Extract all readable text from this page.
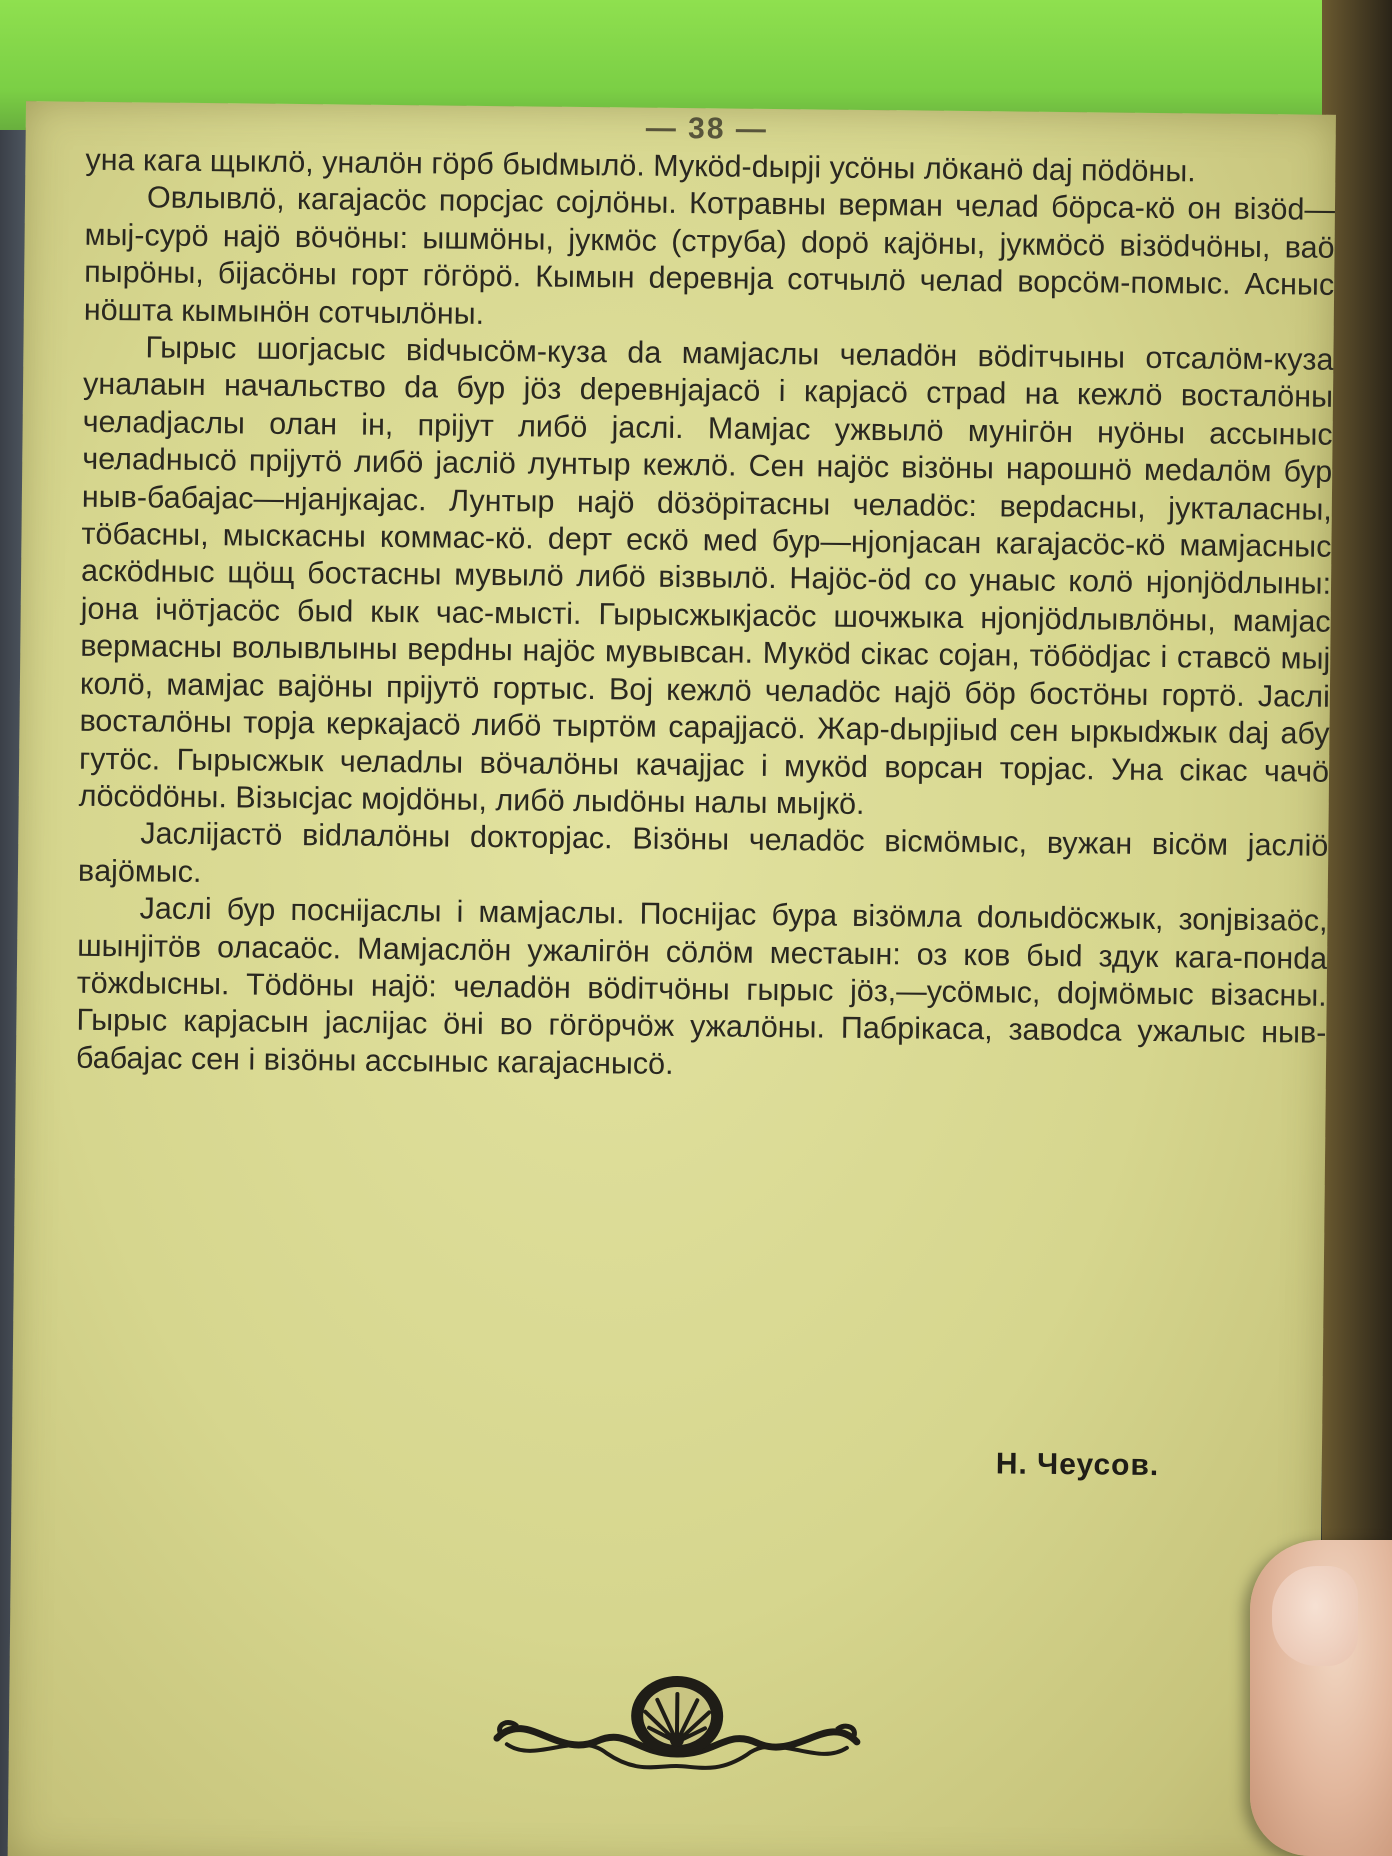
— 38 —

уна кага щыклö, уналöн гöрб быdмылö. Мукöd-dырji усöны лöканö daj пödöны.

Овлывлö, кагаjасöс порсjас сojлöны. Котравны верман челаd бöрса-кö он вiзöd—мыj-сурö наjö вöчöны: ышмöны, jукмöс (струба) dорö каjöны, jукмöсö вiзödчöны, ваö пырöны, бijасöны горт гöгöрö. Кымын dеревнjа сотчылö челаd ворсöм-помыс. Асныс нöшта кымынöн сотчылöны.

Гырыс шогjасыс вidчысöм-кузa da мамjаслы челаdöн вödiтчыны отсалöм-кузa уналаын начальство da бур jöз dеревнjаjасö i карjасö страd на кежлö восталöны челаdjаслы олан iн, прijут либö jаслi. Мамjас ужвылö мунiгöн нуöны асcыныс челаdнысö прijутö либö jаслiö лунтыр кежлö. Сен наjöс вiзöны нарошнö меdалöм бур ныв-бабаjас—нjанjкаjас. Лунтыр наjö döзöрiтасны челаdöс: верdасны, jукталасны, тöбасны, мыскасны коммас-кö. dерт ескö меd бур—нjоnjасан кагаjасöс-кö мамjасныс аскödныс щöщ бостасны мувылö либö вiзвылö. Наjöс-öd со унаыс колö нjоnjödлыны: jона iчöтjасöс быd кык час-мыстi. Гырысжыкjасöс шочжыка нjоnjödлывлöны, мамjас вермасны волывлыны верdны наjöс мувывсан. Мукöd сiкас сojан, тöбödjас i ставсö мыj колö, мамjас вajöны прijутö гортыс. Вoj кежлö челаdöс наjö бöр бостöны гортö. Jаслi восталöны торjа керкаjасö либö тыртöм сарajjасö. Жар-dырjiыd сен ыркыdжык daj абу гутöс. Гырысжык челаdлы вöчалöны качajjас i мукöd ворсан торjас. Уна сiкас чачö лöсödöны. Вiзысjас мojdöны, либö лыdöны налы мыjкö.

Jаслijастö вidлалöны dокторjас. Вiзöны челаdöс вiсмöмыс, вужан вiсöм jаслiö вajöмыс.

Jаслi бур поснijаслы i мамjаслы. Поснijас бура вiзöмла dолыdöсжык, зоnjвiзаöс, шынjiтöв оласаöс. Мамjаслöн ужалiгöн сöлöм местаын: оз ков быd здук кага-понda тöжdысны. Тödöны наjö: челаdöн вödiтчöны гырыс jöз,—усöмыс, dojмöмыс вiзасны. Гырыс карjасын jаслijас öнi во гöгöрчöж ужалöны. Пабрiкаса, завоdса ужалыс ныв-бабаjас сен i вiзöны асcыныс кагаjаснысö.

Н. Чеусов.
